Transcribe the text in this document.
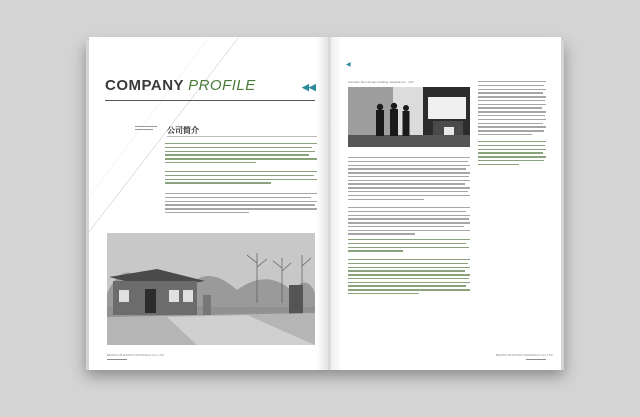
COMPANY PROFILE	◀◀
公司简介
BEIJING BUILDING MATERIALS CO.,LTD
◀
Kunshan Sino-foreign building materials Co., LTD
BEIJING BUILDING MATERIALS CO.,LTD
